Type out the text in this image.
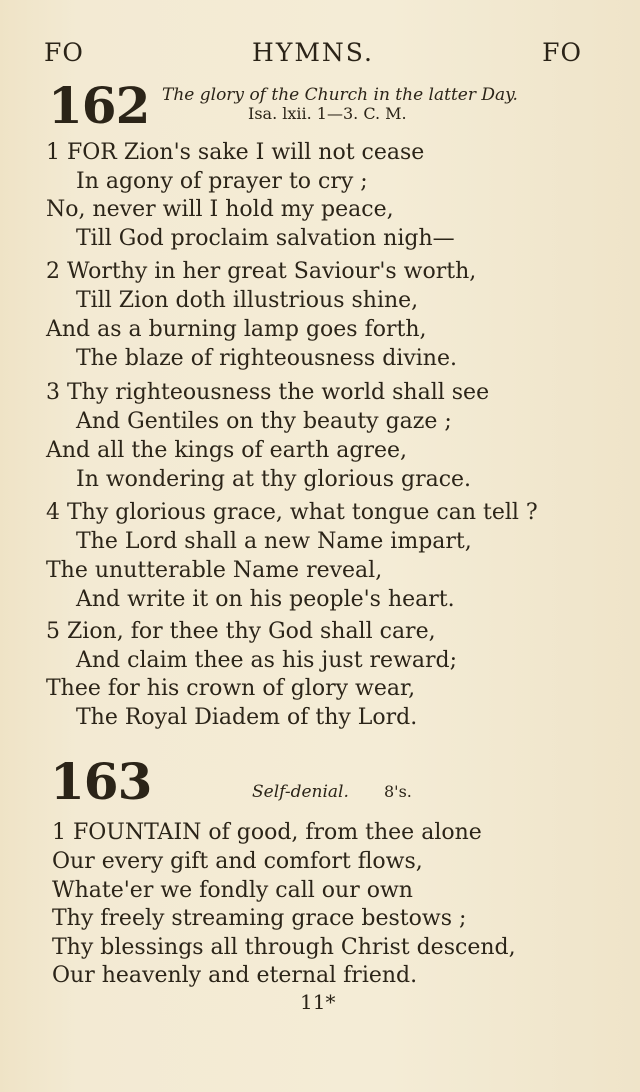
FO	HYMNS.	FO
162 The glory of the Church in the latter Day.
Isa. lxii. 1—3. C. M.
1 FOR Zion's sake I will not cease
In agony of prayer to cry ;
No, never will I hold my peace,
Till God proclaim salvation nigh—
2 Worthy in her great Saviour's worth,
Till Zion doth illustrious shine,
And as a burning lamp goes forth,
The blaze of righteousness divine.
3 Thy righteousness the world shall see
And Gentiles on thy beauty gaze ;
And all the kings of earth agree,
In wondering at thy glorious grace.
4 Thy glorious grace, what tongue can tell ?
The Lord shall a new Name impart,
The unutterable Name reveal,
And write it on his people's heart.
5 Zion, for thee thy God shall care,
And claim thee as his just reward;
Thee for his crown of glory wear,
The Royal Diadem of thy Lord.
163	Self-denial. 8's.
1 FOUNTAIN of good, from thee alone
Our every gift and comfort flows,
Whate'er we fondly call our own
Thy freely streaming grace bestows ;
Thy blessings all through Christ descend,
Our heavenly and eternal friend.
11*
